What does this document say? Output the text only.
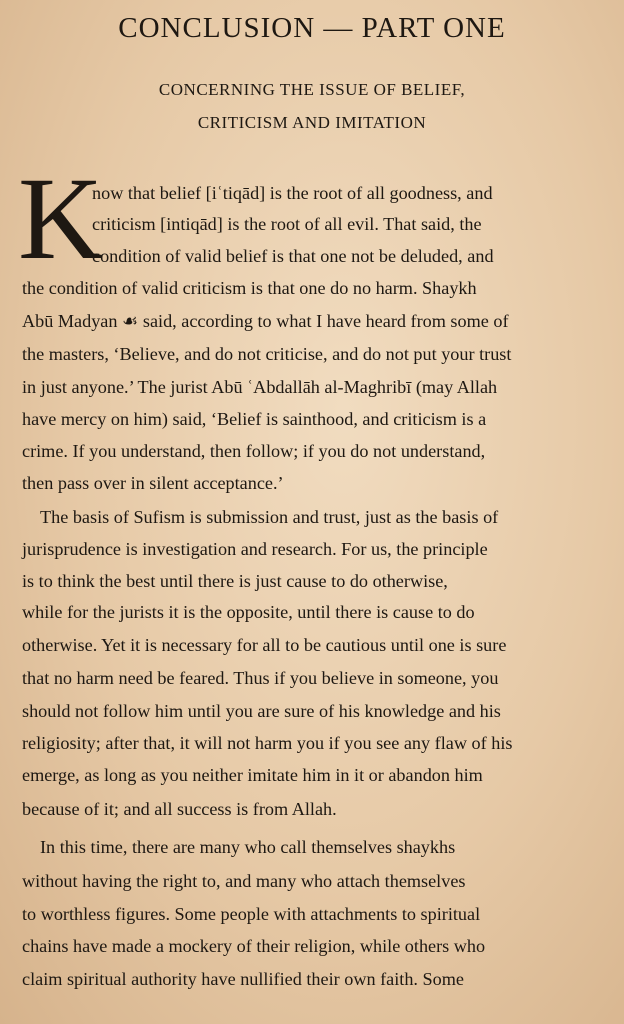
CONCLUSION — PART ONE
CONCERNING THE ISSUE OF BELIEF,
CRITICISM AND IMITATION
K
now that belief [iʿtiqād] is the root of all goodness, and
criticism [intiqād] is the root of all evil. That said, the
condition of valid belief is that one not be deluded, and
the condition of valid criticism is that one do no harm. Shaykh
Abū Madyan ☙ said, according to what I have heard from some of
the masters, ‘Believe, and do not criticise, and do not put your trust
in just anyone.’ The jurist Abū ʿAbdallāh al-Maghribī (may Allah
have mercy on him) said, ‘Belief is sainthood, and criticism is a
crime. If you understand, then follow; if you do not understand,
then pass over in silent acceptance.’
The basis of Sufism is submission and trust, just as the basis of
jurisprudence is investigation and research. For us, the principle
is to think the best until there is just cause to do otherwise,
while for the jurists it is the opposite, until there is cause to do
otherwise. Yet it is necessary for all to be cautious until one is sure
that no harm need be feared. Thus if you believe in someone, you
should not follow him until you are sure of his knowledge and his
religiosity; after that, it will not harm you if you see any flaw of his
emerge, as long as you neither imitate him in it or abandon him
because of it; and all success is from Allah.
In this time, there are many who call themselves shaykhs
without having the right to, and many who attach themselves
to worthless figures. Some people with attachments to spiritual
chains have made a mockery of their religion, while others who
claim spiritual authority have nullified their own faith. Some
